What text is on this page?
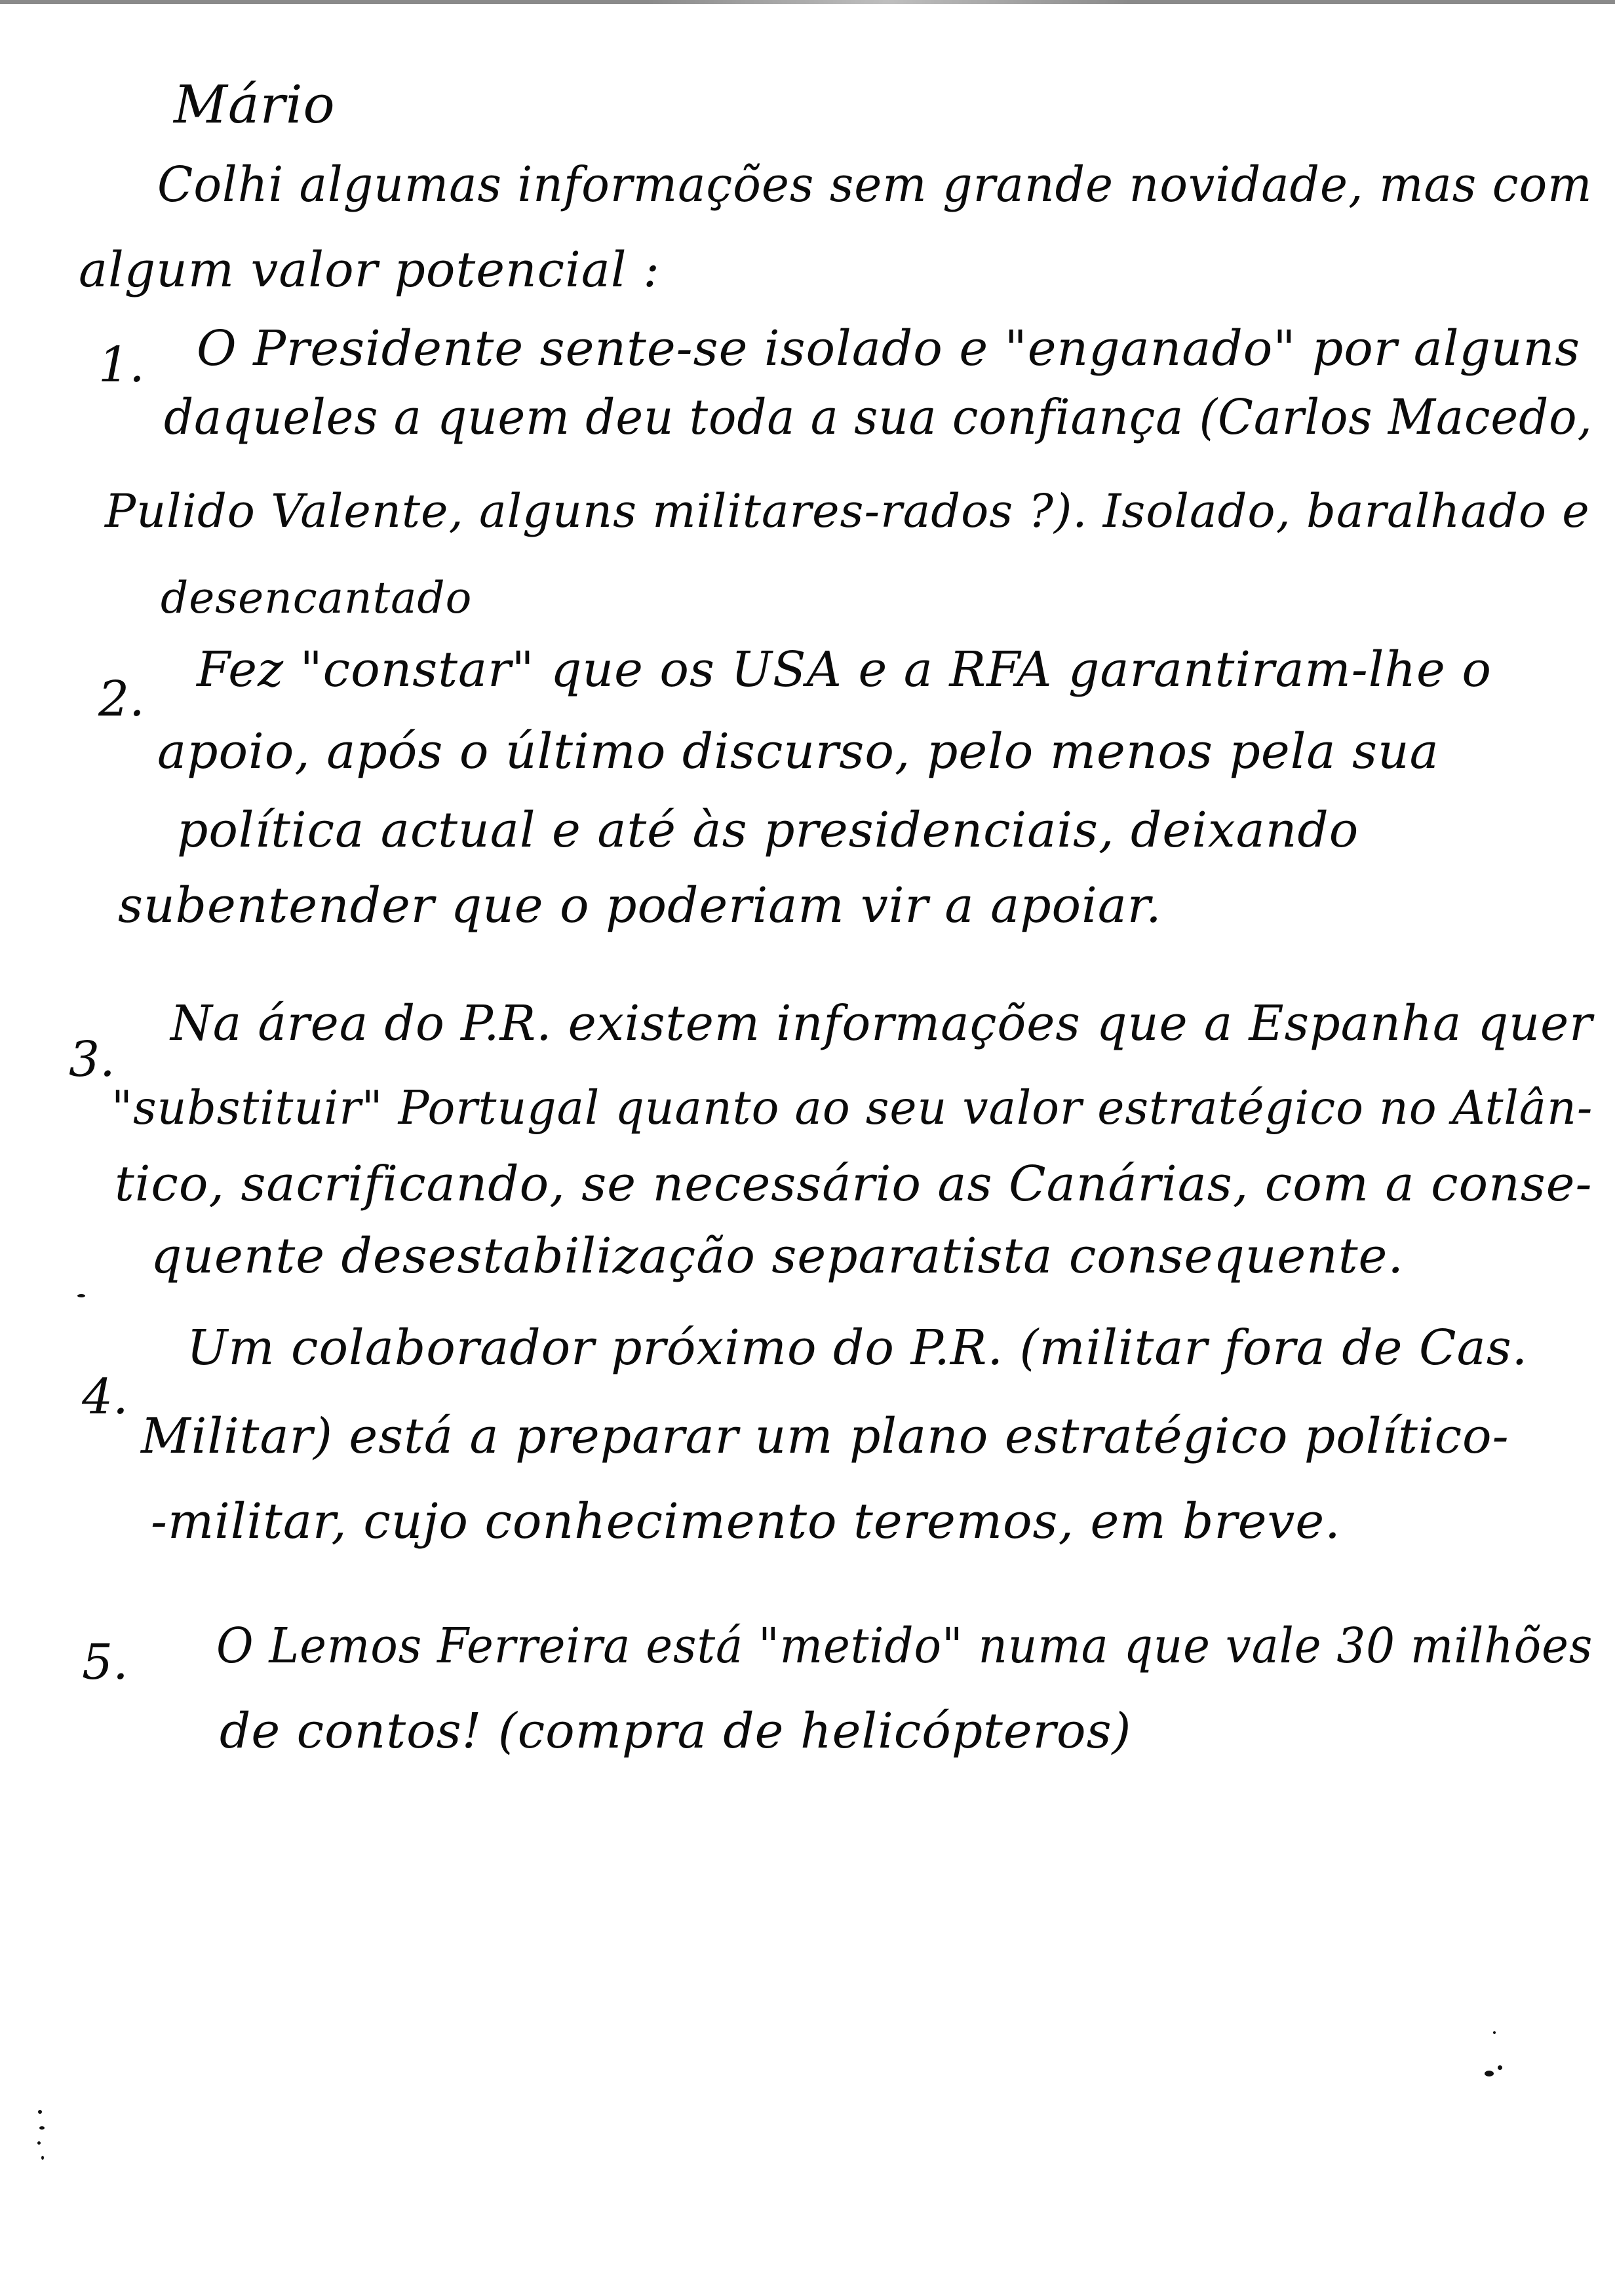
Mário
Colhi algumas informações sem grande novidade, mas com
algum valor potencial :
1. O Presidente sente-se isolado e "enganado" por alguns
daqueles a quem deu toda a sua confiança (Carlos Macedo,
Pulido Valente, alguns militares-rados ?). Isolado, baralhado e
desencantado
2.
Fez "constar" que os USA e a RFA garantiram-lhe o
apoio, após o último discurso, pelo menos pela sua
política actual e até às presidenciais, deixando
subentender que o poderiam vir a apoiar.
3.
Na área do P.R. existem informações que a Espanha quer
"substituir" Portugal quanto ao seu valor estratégico no Atlân-
tico, sacrificando, se necessário as Canárias, com a conse-
quente desestabilização separatista consequente.
4.
Um colaborador próximo do P.R. (militar fora de Cas.
Militar) está a preparar um plano estratégico político-
-militar, cujo conhecimento teremos, em breve.
5. O Lemos Ferreira está "metido" numa que vale 30 milhões
de contos! (compra de helicópteros)
